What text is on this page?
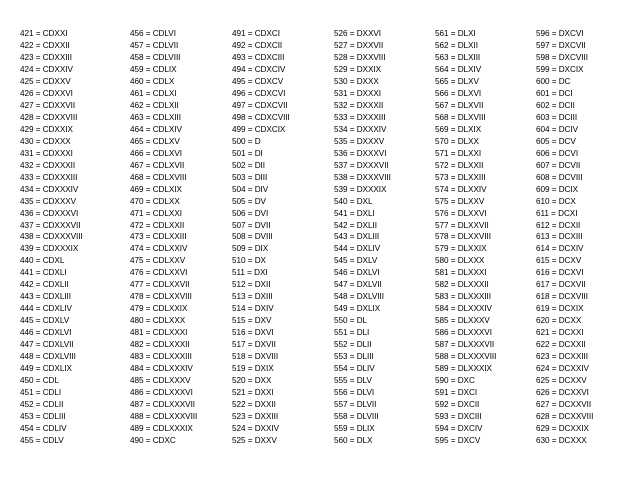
421 = CDXXI
422 = CDXXII
423 = CDXXIII
424 = CDXXIV
425 = CDXXV
426 = CDXXVI
427 = CDXXVII
428 = CDXXVIII
429 = CDXXIX
430 = CDXXX
431 = CDXXXI
432 = CDXXXII
433 = CDXXXIII
434 = CDXXXIV
435 = CDXXXV
436 = CDXXXVI
437 = CDXXXVII
438 = CDXXXVIII
439 = CDXXXIX
440 = CDXL
441 = CDXLI
442 = CDXLII
443 = CDXLIII
444 = CDXLIV
445 = CDXLV
446 = CDXLVI
447 = CDXLVII
448 = CDXLVIII
449 = CDXLIX
450 = CDL
451 = CDLI
452 = CDLII
453 = CDLIII
454 = CDLIV
455 = CDLV
456 = CDLVI
457 = CDLVII
458 = CDLVIII
459 = CDLIX
460 = CDLX
461 = CDLXI
462 = CDLXII
463 = CDLXIII
464 = CDLXIV
465 = CDLXV
466 = CDLXVI
467 = CDLXVII
468 = CDLXVIII
469 = CDLXIX
470 = CDLXX
471 = CDLXXI
472 = CDLXXII
473 = CDLXXIII
474 = CDLXXIV
475 = CDLXXV
476 = CDLXXVI
477 = CDLXXVII
478 = CDLXXVIII
479 = CDLXXIX
480 = CDLXXX
481 = CDLXXXI
482 = CDLXXXII
483 = CDLXXXIII
484 = CDLXXXIV
485 = CDLXXXV
486 = CDLXXXVI
487 = CDLXXXVII
488 = CDLXXXVIII
489 = CDLXXXIX
490 = CDXC
491 = CDXCI
492 = CDXCII
493 = CDXCIII
494 = CDXCIV
495 = CDXCV
496 = CDXCVI
497 = CDXCVII
498 = CDXCVIII
499 = CDXCIX
500 = D
501 = DI
502 = DII
503 = DIII
504 = DIV
505 = DV
506 = DVI
507 = DVII
508 = DVIII
509 = DIX
510 = DX
511 = DXI
512 = DXII
513 = DXIII
514 = DXIV
515 = DXV
516 = DXVI
517 = DXVII
518 = DXVIII
519 = DXIX
520 = DXX
521 = DXXI
522 = DXXII
523 = DXXIII
524 = DXXIV
525 = DXXV
526 = DXXVI
527 = DXXVII
528 = DXXVIII
529 = DXXIX
530 = DXXX
531 = DXXXI
532 = DXXXII
533 = DXXXIII
534 = DXXXIV
535 = DXXXV
536 = DXXXVI
537 = DXXXVII
538 = DXXXVIII
539 = DXXXIX
540 = DXL
541 = DXLI
542 = DXLII
543 = DXLIII
544 = DXLIV
545 = DXLV
546 = DXLVI
547 = DXLVII
548 = DXLVIII
549 = DXLIX
550 = DL
551 = DLI
552 = DLII
553 = DLIII
554 = DLIV
555 = DLV
556 = DLVI
557 = DLVII
558 = DLVIII
559 = DLIX
560 = DLX
561 = DLXI
562 = DLXII
563 = DLXIII
564 = DLXIV
565 = DLXV
566 = DLXVI
567 = DLXVII
568 = DLXVIII
569 = DLXIX
570 = DLXX
571 = DLXXI
572 = DLXXII
573 = DLXXIII
574 = DLXXIV
575 = DLXXV
576 = DLXXVI
577 = DLXXVII
578 = DLXXVIII
579 = DLXXIX
580 = DLXXX
581 = DLXXXI
582 = DLXXXII
583 = DLXXXIII
584 = DLXXXIV
585 = DLXXXV
586 = DLXXXVI
587 = DLXXXVII
588 = DLXXXVIII
589 = DLXXXIX
590 = DXC
591 = DXCI
592 = DXCII
593 = DXCIII
594 = DXCIV
595 = DXCV
596 = DXCVI
597 = DXCVII
598 = DXCVIII
599 = DXCIX
600 = DC
601 = DCI
602 = DCII
603 = DCIII
604 = DCIV
605 = DCV
606 = DCVI
607 = DCVII
608 = DCVIII
609 = DCIX
610 = DCX
611 = DCXI
612 = DCXII
613 = DCXIII
614 = DCXIV
615 = DCXV
616 = DCXVI
617 = DCXVII
618 = DCXVIII
619 = DCXIX
620 = DCXX
621 = DCXXI
622 = DCXXII
623 = DCXXIII
624 = DCXXIV
625 = DCXXV
626 = DCXXVI
627 = DCXXVII
628 = DCXXVIII
629 = DCXXIX
630 = DCXXX
